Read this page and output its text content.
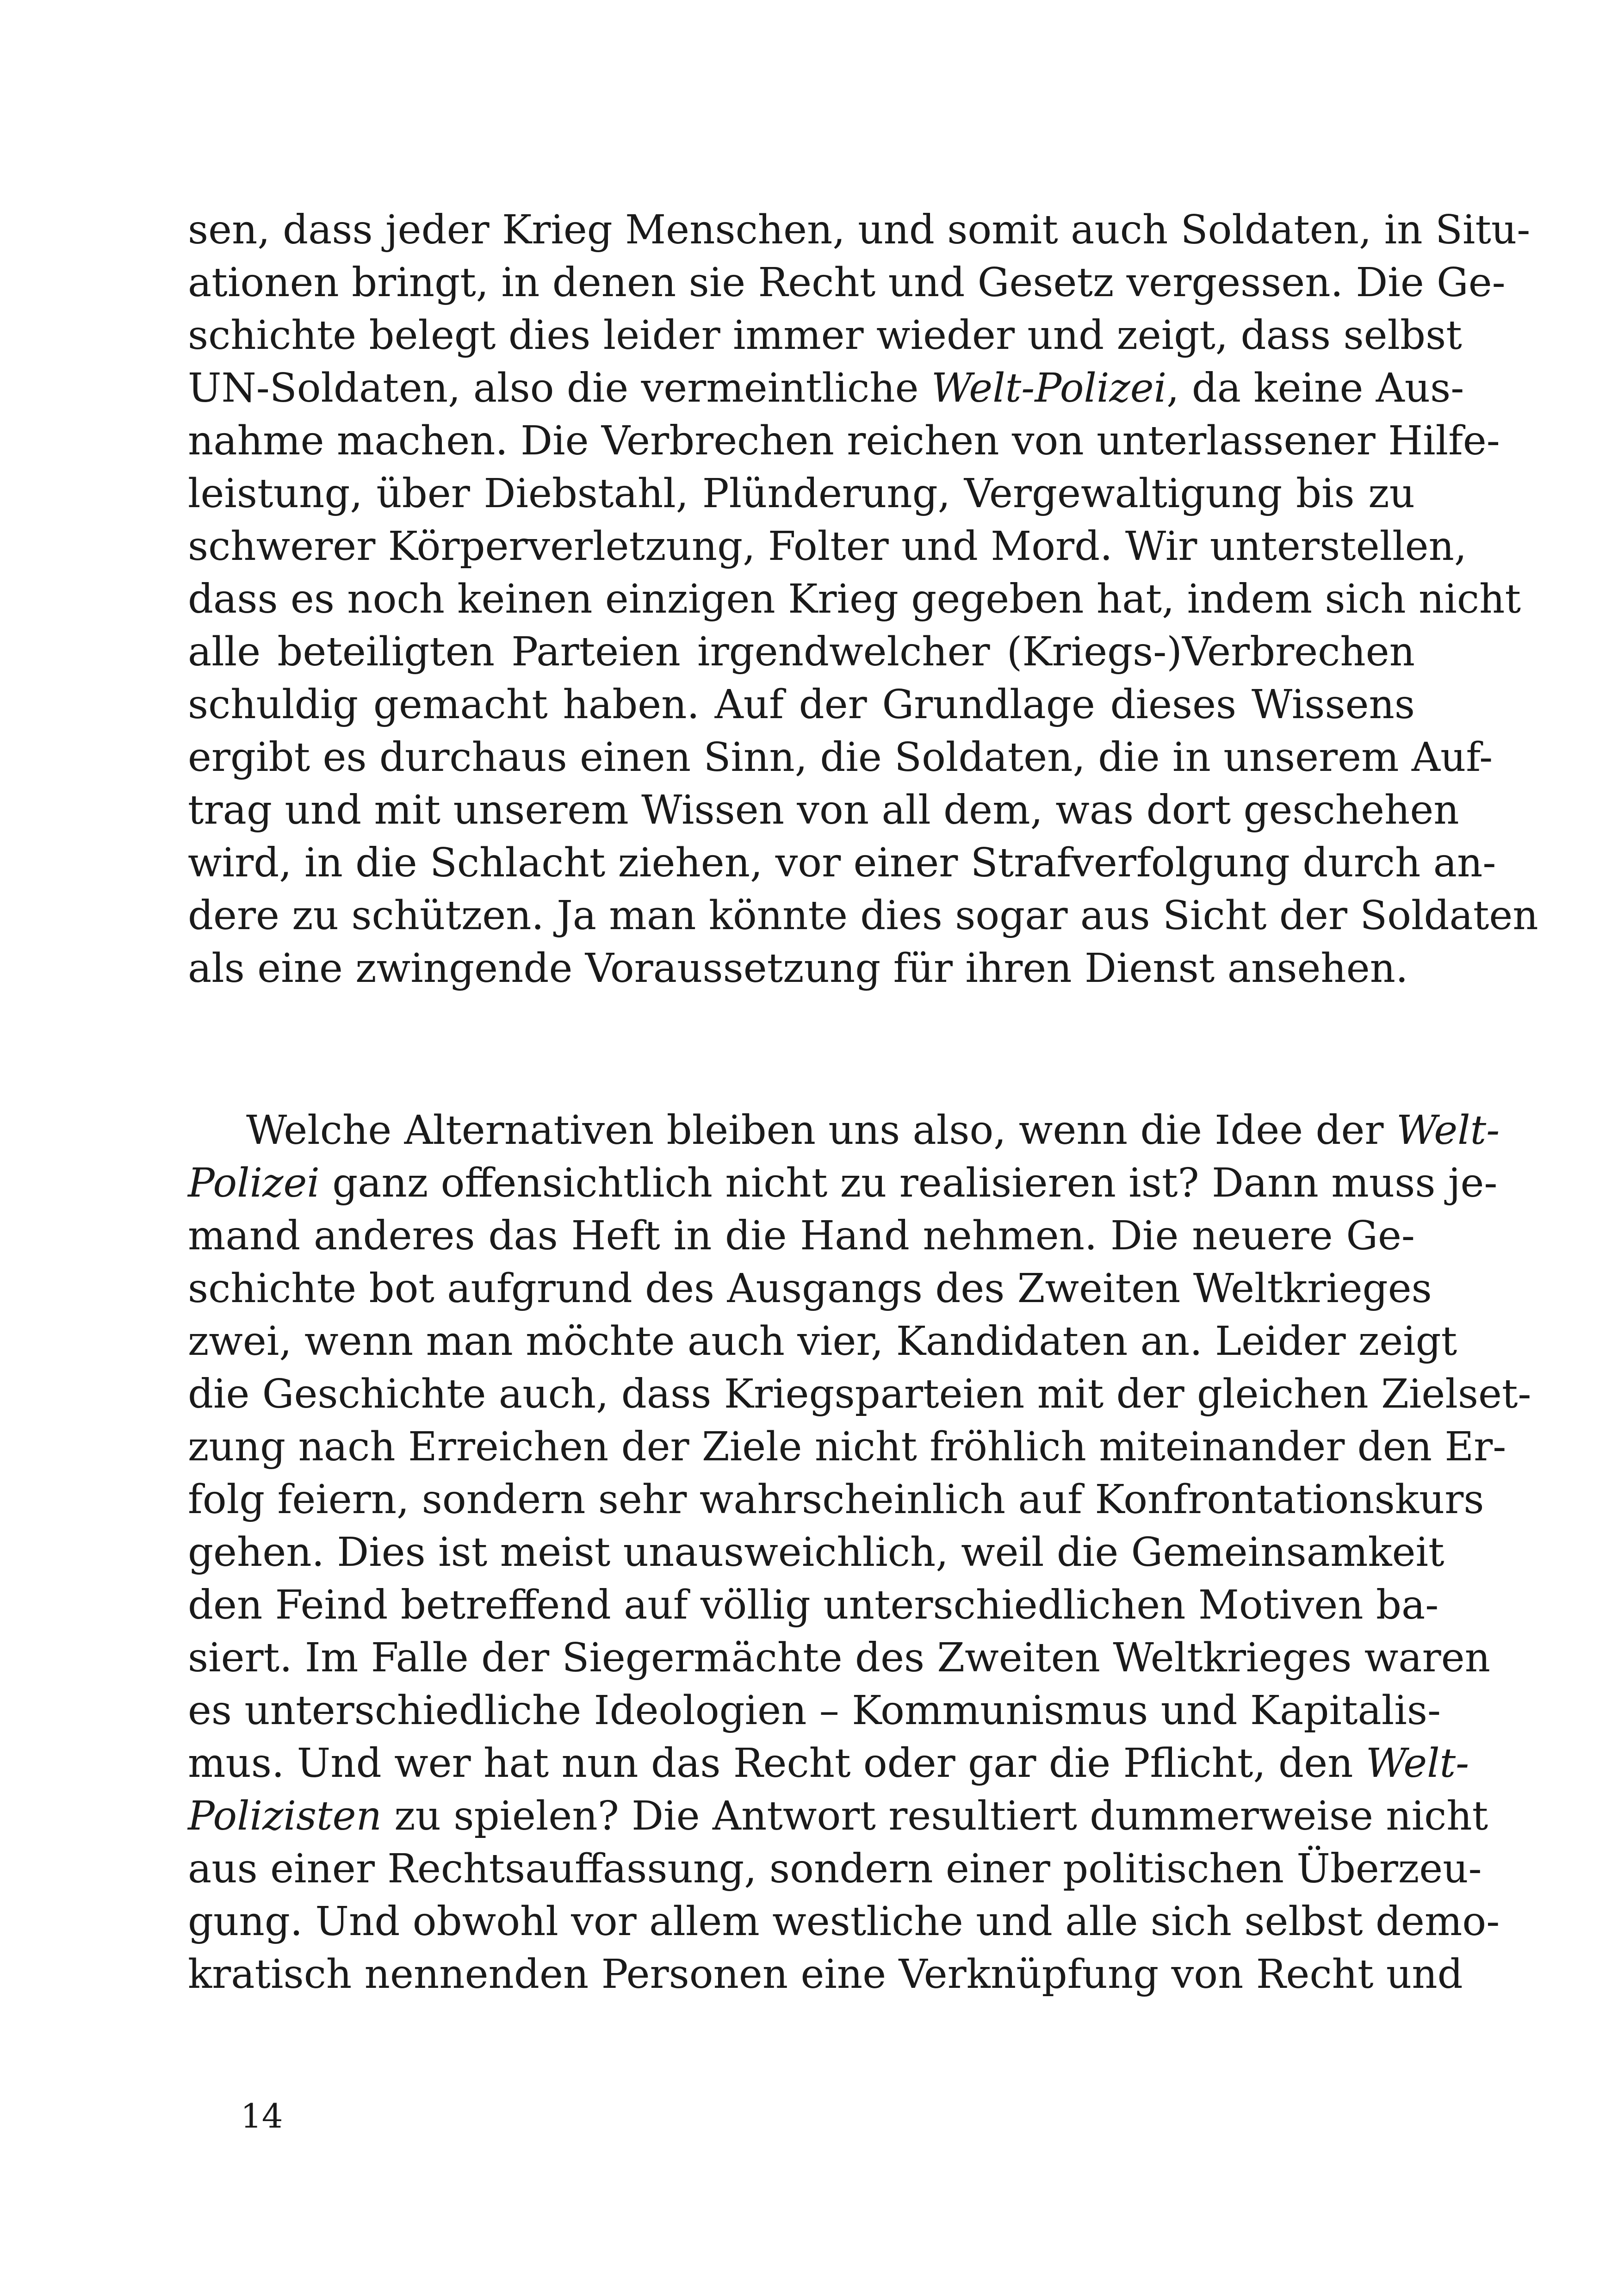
sen, dass jeder Krieg Menschen, und somit auch Soldaten, in Situ-
ationen bringt, in denen sie Recht und Gesetz vergessen. Die Ge-
schichte belegt dies leider immer wieder und zeigt, dass selbst
UN-Soldaten, also die vermeintliche Welt-Polizei, da keine Aus-
nahme machen. Die Verbrechen reichen von unterlassener Hilfe-
leistung, über Diebstahl, Plünderung, Vergewaltigung bis zu
schwerer Körperverletzung, Folter und Mord. Wir unterstellen,
dass es noch keinen einzigen Krieg gegeben hat, indem sich nicht
alle beteiligten Parteien irgendwelcher (Kriegs-)Verbrechen
schuldig gemacht haben. Auf der Grundlage dieses Wissens
ergibt es durchaus einen Sinn, die Soldaten, die in unserem Auf-
trag und mit unserem Wissen von all dem, was dort geschehen
wird, in die Schlacht ziehen, vor einer Strafverfolgung durch an-
dere zu schützen. Ja man könnte dies sogar aus Sicht der Soldaten
als eine zwingende Voraussetzung für ihren Dienst ansehen.
Welche Alternativen bleiben uns also, wenn die Idee der Welt-
Polizei ganz offensichtlich nicht zu realisieren ist? Dann muss je-
mand anderes das Heft in die Hand nehmen. Die neuere Ge-
schichte bot aufgrund des Ausgangs des Zweiten Weltkrieges
zwei, wenn man möchte auch vier, Kandidaten an. Leider zeigt
die Geschichte auch, dass Kriegsparteien mit der gleichen Zielset-
zung nach Erreichen der Ziele nicht fröhlich miteinander den Er-
folg feiern, sondern sehr wahrscheinlich auf Konfrontationskurs
gehen. Dies ist meist unausweichlich, weil die Gemeinsamkeit
den Feind betreffend auf völlig unterschiedlichen Motiven ba-
siert. Im Falle der Siegermächte des Zweiten Weltkrieges waren
es unterschiedliche Ideologien – Kommunismus und Kapitalis-
mus. Und wer hat nun das Recht oder gar die Pflicht, den Welt-
Polizisten zu spielen? Die Antwort resultiert dummerweise nicht
aus einer Rechtsauffassung, sondern einer politischen Überzeu-
gung. Und obwohl vor allem westliche und alle sich selbst demo-
kratisch nennenden Personen eine Verknüpfung von Recht und
14
